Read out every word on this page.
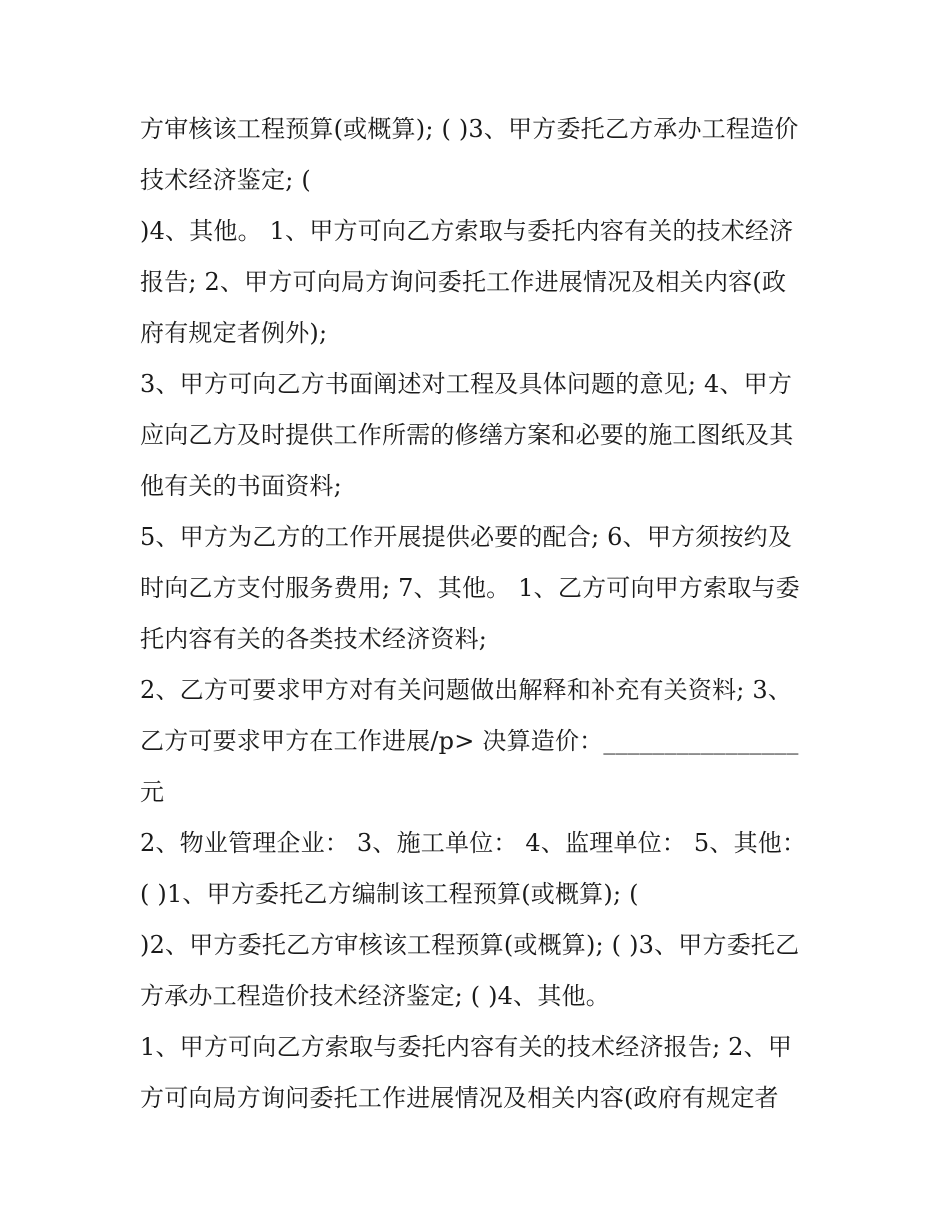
方审核该工程预算(或概算); ( )3、甲方委托乙方承办工程造价
技术经济鉴定; (
)4、其他。 1、甲方可向乙方索取与委托内容有关的技术经济
报告; 2、甲方可向局方询问委托工作进展情况及相关内容(政
府有规定者例外);
3、甲方可向乙方书面阐述对工程及具体问题的意见; 4、甲方
应向乙方及时提供工作所需的修缮方案和必要的施工图纸及其
他有关的书面资料;
5、甲方为乙方的工作开展提供必要的配合; 6、甲方须按约及
时向乙方支付服务费用; 7、其他。 1、乙方可向甲方索取与委
托内容有关的各类技术经济资料;
2、乙方可要求甲方对有关问题做出解释和补充有关资料; 3、
乙方可要求甲方在工作进展/p> 决算造价：________________
元
2、物业管理企业： 3、施工单位： 4、监理单位： 5、其他：
( )1、甲方委托乙方编制该工程预算(或概算); (
)2、甲方委托乙方审核该工程预算(或概算); ( )3、甲方委托乙
方承办工程造价技术经济鉴定; ( )4、其他。
1、甲方可向乙方索取与委托内容有关的技术经济报告; 2、甲
方可向局方询问委托工作进展情况及相关内容(政府有规定者
